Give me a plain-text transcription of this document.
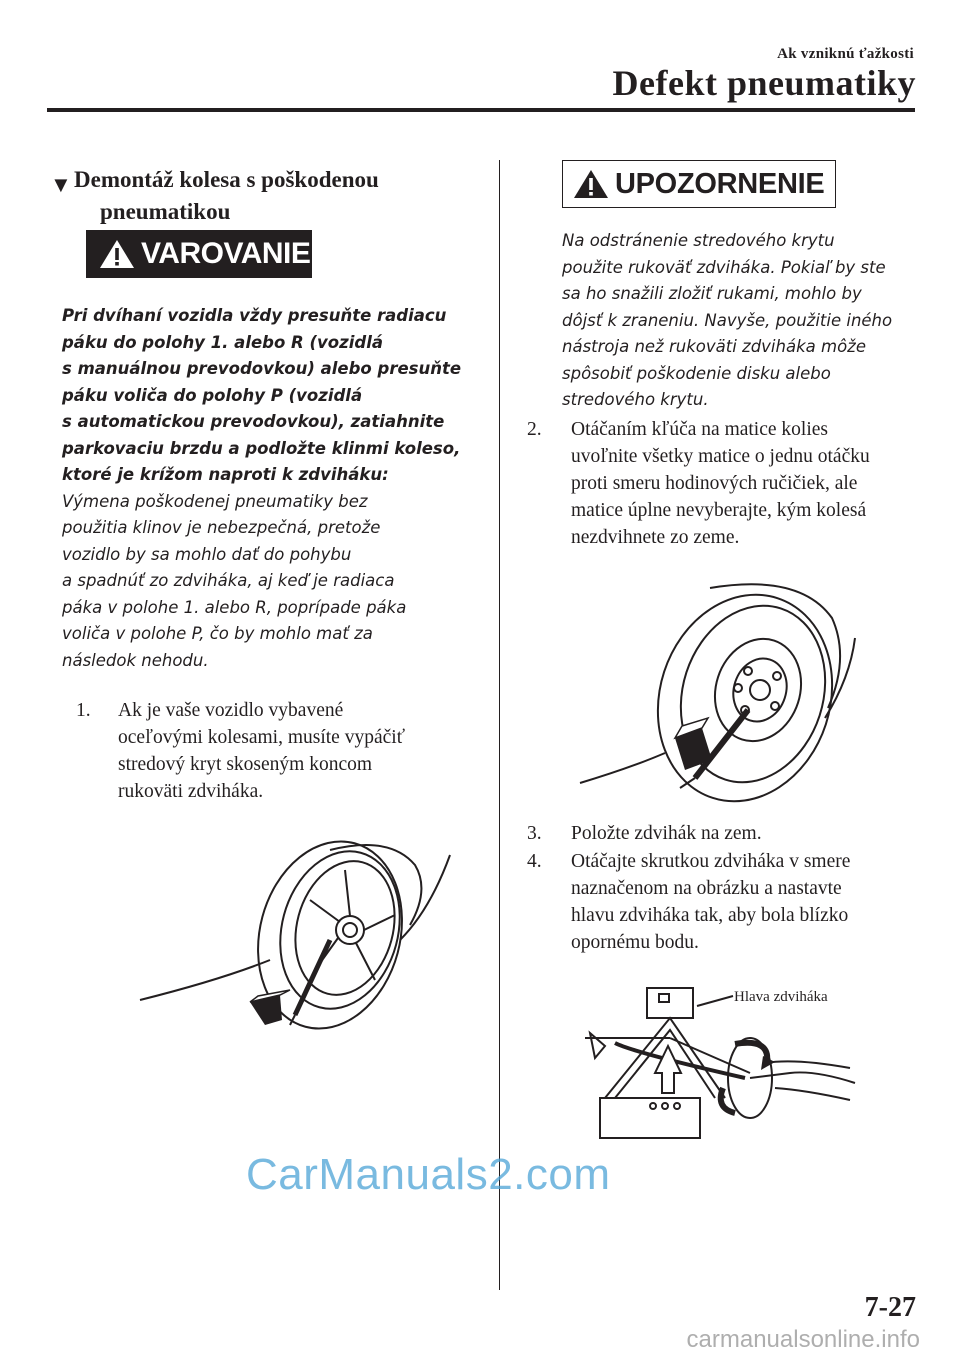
Ak vzniknú ťažkosti
Defekt pneumatiky
▼ Demontáž kolesa s poškodenou
pneumatikou
VAROVANIE
Pri dvíhaní vozidla vždy presuňte radiacu
páku do polohy 1. alebo R (vozidlá
s manuálnou prevodovkou) alebo presuňte
páku voliča do polohy P (vozidlá
s automatickou prevodovkou), zatiahnite
parkovaciu brzdu a podložte klinmi koleso,
ktoré je krížom naproti k zdviháku:
Výmena poškodenej pneumatiky bez
použitia klinov je nebezpečná, pretože
vozidlo by sa mohlo dať do pohybu
a spadnúť zo zdviháka, aj keď je radiaca
páka v polohe 1. alebo R, poprípade páka
voliča v polohe P, čo by mohlo mať za
následok nehodu.
1. Ak je vaše vozidlo vybavené
oceľovými kolesami, musíte vypáčiť
stredový kryt skoseným koncom
rukoväti zdviháka.
UPOZORNENIE
Na odstránenie stredového krytu
použite rukoväť zdviháka. Pokiaľ by ste
sa ho snažili zložiť rukami, mohlo by
dôjsť k zraneniu. Navyše, použitie iného
nástroja než rukoväti zdviháka môže
spôsobiť poškodenie disku alebo
stredového krytu.
2. Otáčaním kľúča na matice kolies
uvoľnite všetky matice o jednu otáčku
proti smeru hodinových ručičiek, ale
matice úplne nevyberajte, kým kolesá
nezdvihnete zo zeme.
3. Položte zdvihák na zem.
4. Otáčajte skrutkou zdviháka v smere
naznačenom na obrázku a nastavte
hlavu zdviháka tak, aby bola blízko
opornému bodu.
Hlava zdviháka
CarManuals2.com
7-27
carmanualsonline.info
